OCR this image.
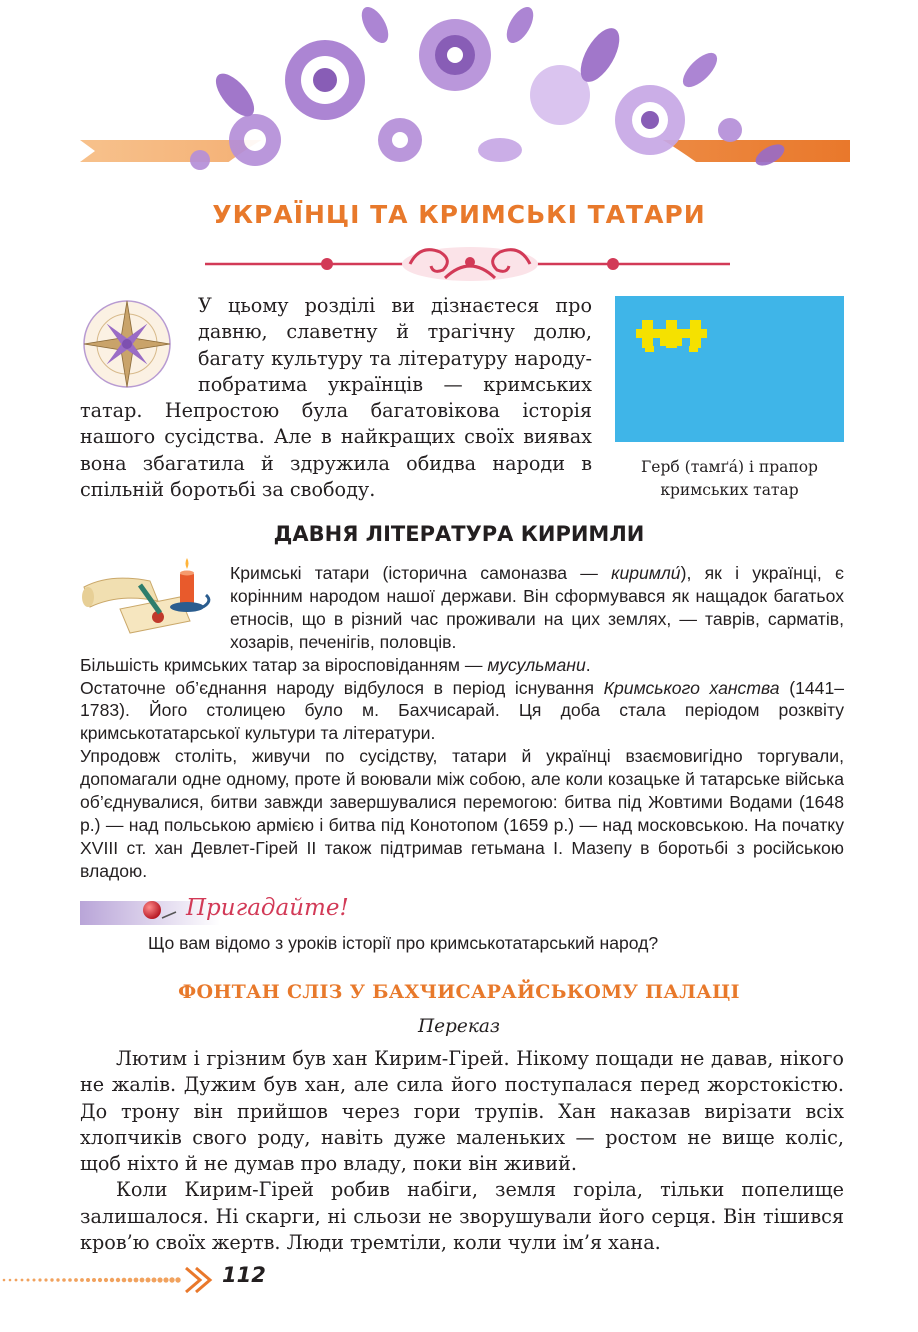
УКРАЇНЦІ ТА КРИМСЬКІ ТАТАРИ
У цьому розділі ви дізнаєтеся про давню, славетну й трагічну долю, багату культуру та літературу народу-побратима українців — кримських татар. Непростою була багатовікова історія нашого сусідства. Але в найкращих своїх виявах вона збагатила й здружила обидва народи в спільній боротьбі за свободу.
Герб (тамґа́) і прапор
кримських татар
ДАВНЯ ЛІТЕРАТУРА КИРИМЛИ

Кримські татари (історична самоназва — киримли́), як і українці, є корінним народом нашої держави. Він сформувався як нащадок багатьох етносів, що в різний час проживали на цих землях, — таврів, сарматів, хозарів, печенігів, половців.

Більшість кримських татар за віросповіданням — мусульмани.

Остаточне об’єднання народу відбулося в період існування Кримського ханства (1441–1783). Його столицею було м. Бахчисарай. Ця доба стала періодом розквіту кримськотатарської культури та літератури.

Упродовж століть, живучи по сусідству, татари й українці взаємовигідно торгували, допомагали одне одному, проте й воювали між собою, але коли козацьке й татарське війська об’єднувалися, битви завжди завершувалися перемогою: битва під Жовтими Водами (1648 р.) — над польською армією і битва під Конотопом (1659 р.) — над московською. На початку XVIII ст. хан Девлет-Гірей II також підтримав гетьмана І. Мазепу в боротьбі з російською владою.

Пригадайте!
Що вам відомо з уроків історії про кримськотатарський народ?
ФОНТАН СЛІЗ У БАХЧИСАРАЙСЬКОМУ ПАЛАЦІ
Переказ

Лютим і грізним був хан Кирим-Гірей. Нікому пощади не давав, нікого не жалів. Дужим був хан, але сила його поступалася перед жорстокістю. До трону він прийшов через гори трупів. Хан наказав вирізати всіх хлопчиків свого роду, навіть дуже маленьких — ростом не вище коліс, щоб ніхто й не думав про владу, поки він живий.

Коли Кирим-Гірей робив набіги, земля горіла, тільки попелище залишалося. Ні скарги, ні сльози не зворушували його серця. Він тішився кров’ю своїх жертв. Люди тремтіли, коли чули ім’я хана.

112
